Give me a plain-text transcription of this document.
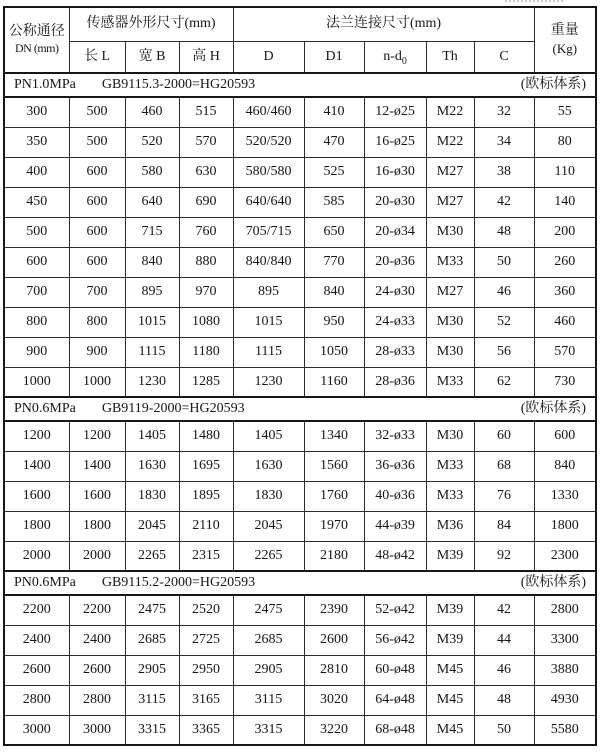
公称通径
DN (mm)
	传感器外形尺寸(mm)	法兰连接尺寸(mm)	重量
(Kg)

	长 L	宽 B	高 H	D	D1	$n-d_0$	Th	C	

PN1.0MPa GB9115.3-2000=HG20593 (欧标体系)									

300	500	460	515	460/460	410	12-ø25	M22	32	55
350	500	520	570	520/520	470	16-ø25	M22	34	80
400	600	580	630	580/580	525	16-ø30	M27	38	110
450	600	640	690	640/640	585	20-ø30	M27	42	140
500	600	715	760	705/715	650	20-ø34	M30	48	200
600	600	840	880	840/840	770	20-ø36	M33	50	260
700	700	895	970	895	840	24-ø30	M27	46	360
800	800	1015	1080	1015	950	24-ø33	M30	52	460
900	900	1115	1180	1115	1050	28-ø33	M30	56	570
1000	1000	1230	1285	1230	1160	28-ø36	M33	62	730

PN0.6MPa GB9119-2000=HG20593 (欧标体系)									

1200	1200	1405	1480	1405	1340	32-ø33	M30	60	600
1400	1400	1630	1695	1630	1560	36-ø36	M33	68	840
1600	1600	1830	1895	1830	1760	40-ø36	M33	76	1330
1800	1800	2045	2110	2045	1970	44-ø39	M36	84	1800
2000	2000	2265	2315	2265	2180	48-ø42	M39	92	2300

PN0.6MPa GB9115.2-2000=HG20593 (欧标体系)									

2200	2200	2475	2520	2475	2390	52-ø42	M39	42	2800
2400	2400	2685	2725	2685	2600	56-ø42	M39	44	3300
2600	2600	2905	2950	2905	2810	60-ø48	M45	46	3880
2800	2800	3115	3165	3115	3020	64-ø48	M45	48	4930
3000	3000	3315	3365	3315	3220	68-ø48	M45	50	5580
